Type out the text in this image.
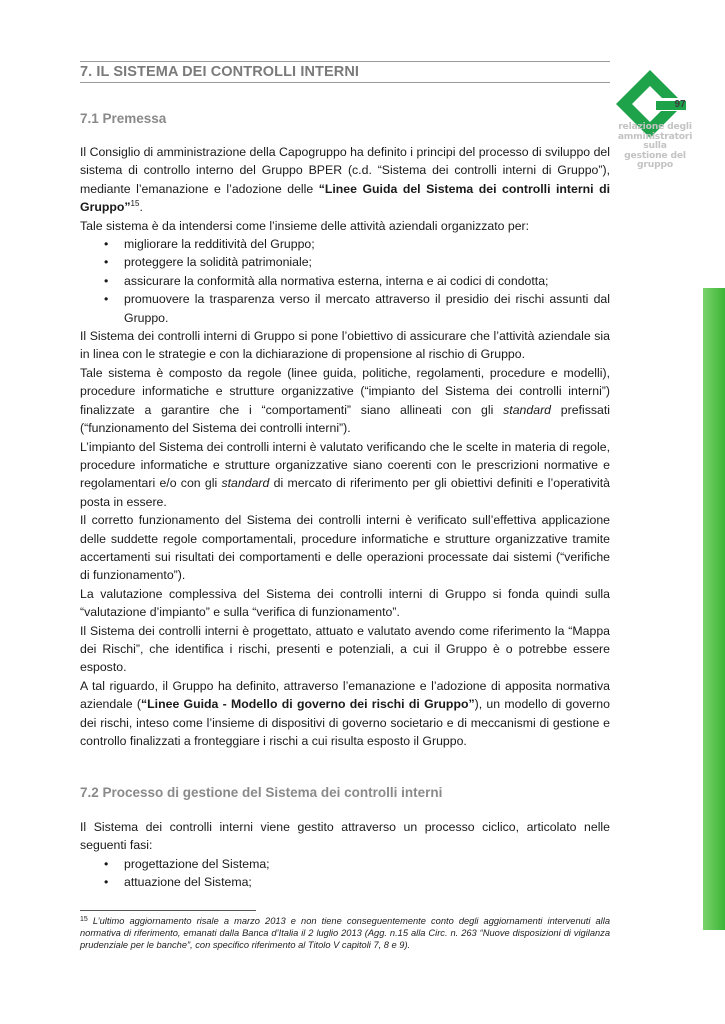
7. IL SISTEMA DEI CONTROLLI INTERNI
97
relazione degli
amministratori sulla
gestione del gruppo
7.1 Premessa

Il Consiglio di amministrazione della Capogruppo ha definito i principi del processo di sviluppo del sistema di controllo interno del Gruppo BPER (c.d. “Sistema dei controlli interni di Gruppo”), mediante l’emanazione e l’adozione delle “Linee Guida del Sistema dei controlli interni di Gruppo”$^{15}$.

Tale sistema è da intendersi come l’insieme delle attività aziendali organizzato per:

• migliorare la redditività del Gruppo;
• proteggere la solidità patrimoniale;
• assicurare la conformità alla normativa esterna, interna e ai codici di condotta;
• promuovere la trasparenza verso il mercato attraverso il presidio dei rischi assunti dal Gruppo.

Il Sistema dei controlli interni di Gruppo si pone l’obiettivo di assicurare che l’attività aziendale sia in linea con le strategie e con la dichiarazione di propensione al rischio di Gruppo.

Tale sistema è composto da regole (linee guida, politiche, regolamenti, procedure e modelli), procedure informatiche e strutture organizzative (“impianto del Sistema dei controlli interni”) finalizzate a garantire che i “comportamenti” siano allineati con gli standard prefissati (“funzionamento del Sistema dei controlli interni”).

L’impianto del Sistema dei controlli interni è valutato verificando che le scelte in materia di regole, procedure informatiche e strutture organizzative siano coerenti con le prescrizioni normative e regolamentari e/o con gli standard di mercato di riferimento per gli obiettivi definiti e l’operatività posta in essere.

Il corretto funzionamento del Sistema dei controlli interni è verificato sull’effettiva applicazione delle suddette regole comportamentali, procedure informatiche e strutture organizzative tramite accertamenti sui risultati dei comportamenti e delle operazioni processate dai sistemi (“verifiche di funzionamento”).

La valutazione complessiva del Sistema dei controlli interni di Gruppo si fonda quindi sulla “valutazione d’impianto” e sulla “verifica di funzionamento”.

Il Sistema dei controlli interni è progettato, attuato e valutato avendo come riferimento la “Mappa dei Rischi”, che identifica i rischi, presenti e potenziali, a cui il Gruppo è o potrebbe essere esposto.

A tal riguardo, il Gruppo ha definito, attraverso l’emanazione e l’adozione di apposita normativa aziendale (“Linee Guida - Modello di governo dei rischi di Gruppo”), un modello di governo dei rischi, inteso come l’insieme di dispositivi di governo societario e di meccanismi di gestione e controllo finalizzati a fronteggiare i rischi a cui risulta esposto il Gruppo.

7.2 Processo di gestione del Sistema dei controlli interni

Il Sistema dei controlli interni viene gestito attraverso un processo ciclico, articolato nelle seguenti fasi:

• progettazione del Sistema;
• attuazione del Sistema;
$^{15}$ L’ultimo aggiornamento risale a marzo 2013 e non tiene conseguentemente conto degli aggiornamenti intervenuti alla normativa di riferimento, emanati dalla Banca d’Italia il 2 luglio 2013 (Agg. n.15 alla Circ. n. 263 “Nuove disposizioni di vigilanza prudenziale per le banche”, con specifico riferimento al Titolo V capitoli 7, 8 e 9).
